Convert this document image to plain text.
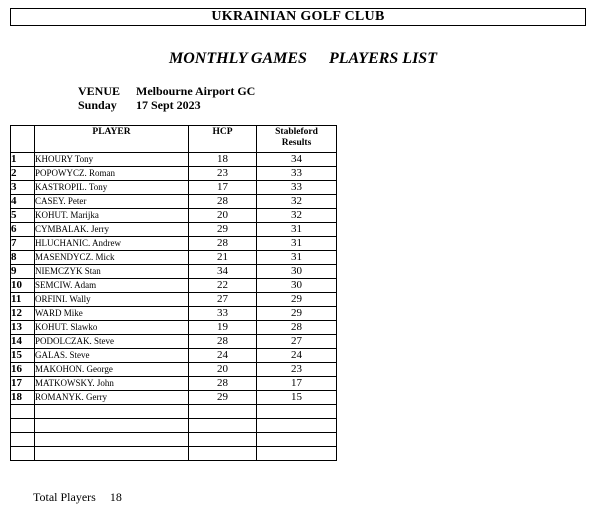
UKRAINIAN GOLF CLUB
MONTHLY GAMES PLAYERS LIST
VENUE Melbourne Airport GC
Sunday 17 Sept 2023
	PLAYER	HCP	Stableford
Results
1	KHOURY Tony	18	34
2	POPOWYCZ. Roman	23	33
3	KASTROPIL. Tony	17	33
4	CASEY. Peter	28	32
5	KOHUT. Marijka	20	32
6	CYMBALAK. Jerry	29	31
7	HLUCHANIC. Andrew	28	31
8	MASENDYCZ. Mick	21	31
9	NIEMCZYK Stan	34	30
10	SEMCIW. Adam	22	30
11	ORFINI. Wally	27	29
12	WARD Mike	33	29
13	KOHUT. Slawko	19	28
14	PODOLCZAK. Steve	28	27
15	GALAS. Steve	24	24
16	MAKOHON. George	20	23
17	MATKOWSKY. John	28	17
18	ROMANYK. Gerry	29	15

Total Players 18
